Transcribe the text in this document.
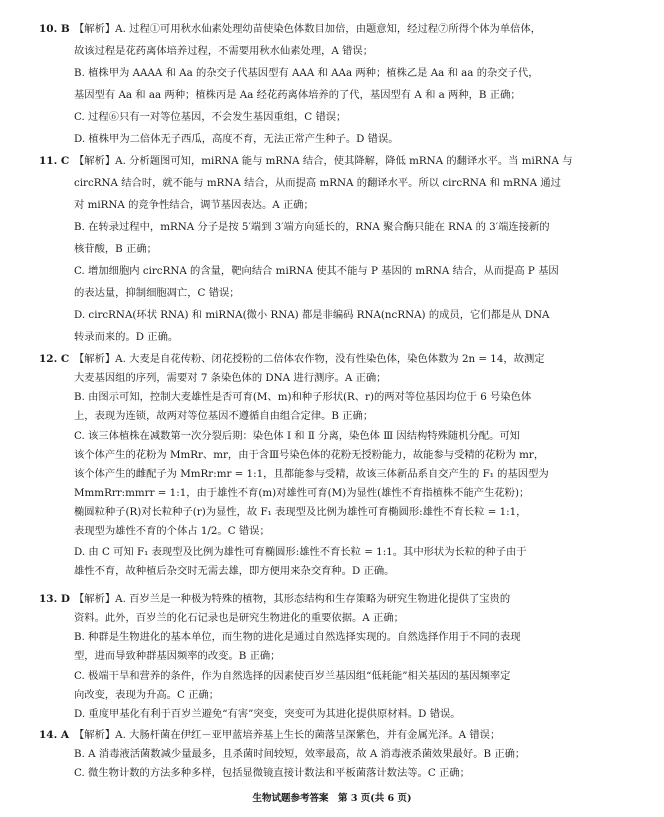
10. B 【解析】A. 过程①可用秋水仙素处理幼苗使染色体数目加倍，由题意知，经过程⑦所得个体为单倍体，
故该过程是花药离体培养过程，不需要用秋水仙素处理，A 错误；
B. 植株甲为 AAAA 和 Aa 的杂交子代基因型有 AAA 和 AAa 两种；植株乙是 Aa 和 aa 的杂交子代，
基因型有 Aa 和 aa 两种；植株丙是 Aa 经花药离体培养的了代，基因型有 A 和 a 两种，B 正确；
C. 过程⑥只有一对等位基因，不会发生基因重组，C 错误；
D. 植株甲为二倍体无子西瓜，高度不育，无法正常产生种子。D 错误。
11. C 【解析】A. 分析题图可知，miRNA 能与 mRNA 结合，使其降解，降低 mRNA 的翻译水平。当 miRNA 与
circRNA 结合时，就不能与 mRNA 结合，从而提高 mRNA 的翻译水平。所以 circRNA 和 mRNA 通过
对 miRNA 的竞争性结合，调节基因表达。A 正确；
B. 在转录过程中，mRNA 分子是按 5′端到 3′端方向延长的，RNA 聚合酶只能在 RNA 的 3′端连接新的
核苷酸，B 正确；
C. 增加细胞内 circRNA 的含量，靶向结合 miRNA 使其不能与 P 基因的 mRNA 结合，从而提高 P 基因
的表达量，抑制细胞凋亡，C 错误；
D. circRNA(环状 RNA) 和 miRNA(微小 RNA) 都是非编码 RNA(ncRNA) 的成员，它们都是从 DNA
转录而来的。D 正确。
12. C 【解析】A. 大麦是自花传粉、闭花授粉的二倍体农作物，没有性染色体，染色体数为 2n = 14，故测定
大麦基因组的序列，需要对 7 条染色体的 DNA 进行测序。A 正确；
B. 由图示可知，控制大麦雄性是否可育(M、m)和种子形状(R、r)的两对等位基因均位于 6 号染色体
上，表现为连锁，故两对等位基因不遵循自由组合定律。B 正确；
C. 该三体植株在减数第一次分裂后期：染色体 Ⅰ 和 Ⅱ 分离，染色体 Ⅲ 因结构特殊随机分配。可知
该个体产生的花粉为 MmRr、mr，由于含Ⅲ号染色体的花粉无授粉能力，故能参与受精的花粉为 mr，
该个体产生的雌配子为 MmRr:mr = 1:1，且都能参与受精，故该三体新品系自交产生的 F₁ 的基因型为
MmmRrr:mmrr = 1:1，由于雄性不育(m)对雄性可育(M)为显性(雄性不育指植株不能产生花粉)；
椭圆粒种子(R)对长粒种子(r)为显性，故 F₁ 表现型及比例为雄性可育椭圆形:雄性不育长粒 = 1:1，
表现型为雄性不育的个体占 1/2。C 错误；
D. 由 C 可知 F₁ 表现型及比例为雄性可育椭圆形:雄性不育长粒 = 1:1。其中形状为长粒的种子由于
雄性不育，故种植后杂交时无需去雄，即方便用来杂交育种。D 正确。
13. D 【解析】A. 百岁兰是一种极为特殊的植物，其形态结构和生存策略为研究生物进化提供了宝贵的
资料。此外，百岁兰的化石记录也是研究生物进化的重要依据。A 正确；
B. 种群是生物进化的基本单位，而生物的进化是通过自然选择实现的。自然选择作用于不同的表现
型，进而导致种群基因频率的改变。B 正确；
C. 极端干旱和营养的条件，作为自然选择的因素使百岁兰基因组“低耗能”相关基因的基因频率定
向改变，表现为升高。C 正确；
D. 重度甲基化有利于百岁兰避免“有害”突变，突变可为其进化提供原材料。D 错误。
14. A 【解析】A. 大肠杆菌在伊红－亚甲蓝培养基上生长的菌落呈深紫色，并有金属光泽。A 错误；
B. A 消毒液活菌数减少量最多，且杀菌时间较短，效率最高，故 A 消毒液杀菌效果最好。B 正确；
C. 微生物计数的方法多种多样，包括显微镜直接计数法和平板菌落计数法等。C 正确；
生物试题参考答案　第 3 页(共 6 页)
